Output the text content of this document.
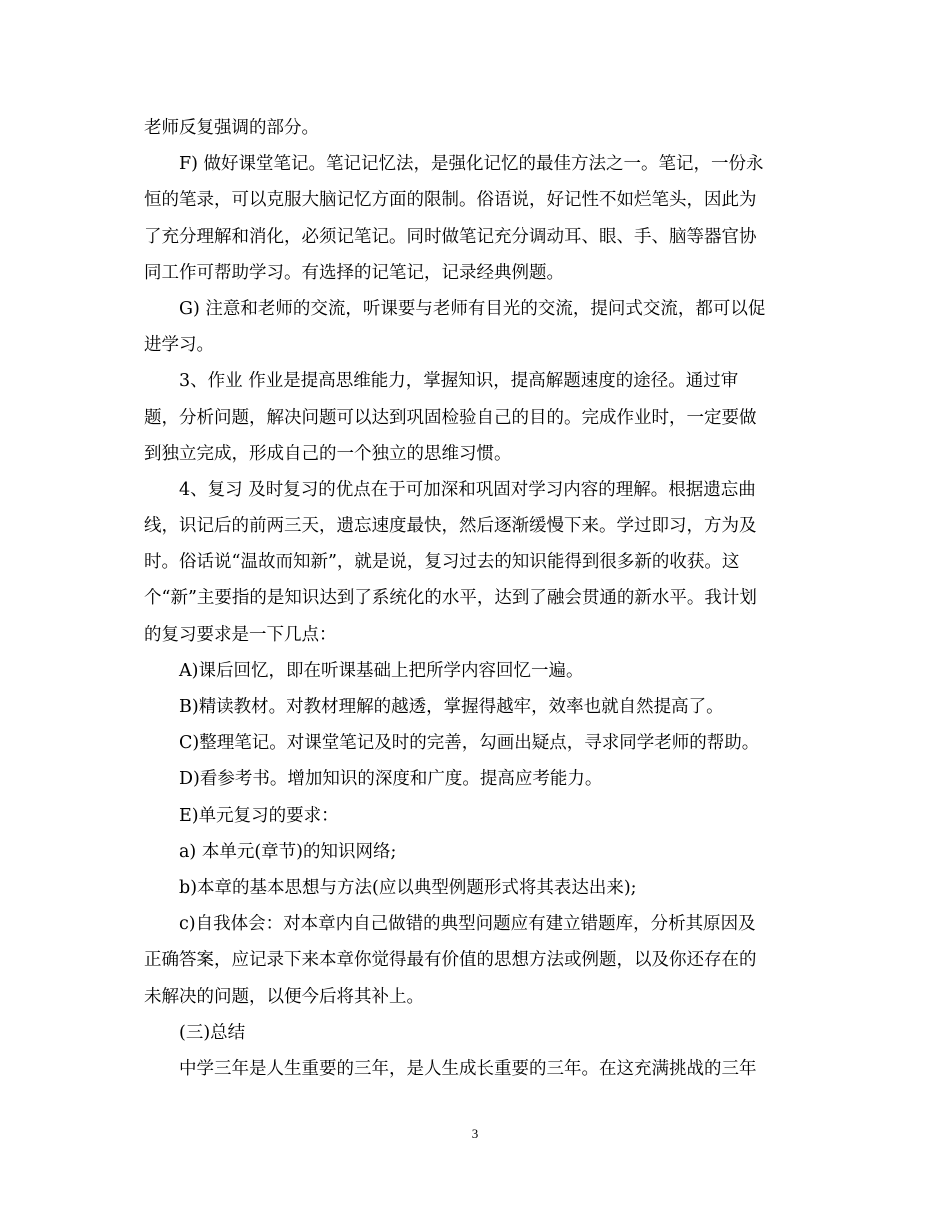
老师反复强调的部分。
F) 做好课堂笔记。笔记记忆法，是强化记忆的最佳方法之一。笔记，一份永
恒的笔录，可以克服大脑记忆方面的限制。俗语说，好记性不如烂笔头，因此为
了充分理解和消化，必须记笔记。同时做笔记充分调动耳、眼、手、脑等器官协
同工作可帮助学习。有选择的记笔记，记录经典例题。
G) 注意和老师的交流，听课要与老师有目光的交流，提问式交流，都可以促
进学习。
3、作业 作业是提高思维能力，掌握知识，提高解题速度的途径。通过审
题，分析问题，解决问题可以达到巩固检验自己的目的。完成作业时，一定要做
到独立完成，形成自己的一个独立的思维习惯。
4、复习 及时复习的优点在于可加深和巩固对学习内容的理解。根据遗忘曲
线，识记后的前两三天，遗忘速度最快，然后逐渐缓慢下来。学过即习，方为及
时。俗话说“温故而知新”，就是说，复习过去的知识能得到很多新的收获。这
个“新”主要指的是知识达到了系统化的水平，达到了融会贯通的新水平。我计划
的复习要求是一下几点：
A)课后回忆，即在听课基础上把所学内容回忆一遍。
B)精读教材。对教材理解的越透，掌握得越牢，效率也就自然提高了。
C)整理笔记。对课堂笔记及时的完善，勾画出疑点，寻求同学老师的帮助。
D)看参考书。增加知识的深度和广度。提高应考能力。
E)单元复习的要求：
a) 本单元(章节)的知识网络;
b)本章的基本思想与方法(应以典型例题形式将其表达出来);
c)自我体会：对本章内自己做错的典型问题应有建立错题库，分析其原因及
正确答案，应记录下来本章你觉得最有价值的思想方法或例题，以及你还存在的
未解决的问题，以便今后将其补上。
(三)总结
中学三年是人生重要的三年，是人生成长重要的三年。在这充满挑战的三年
3
